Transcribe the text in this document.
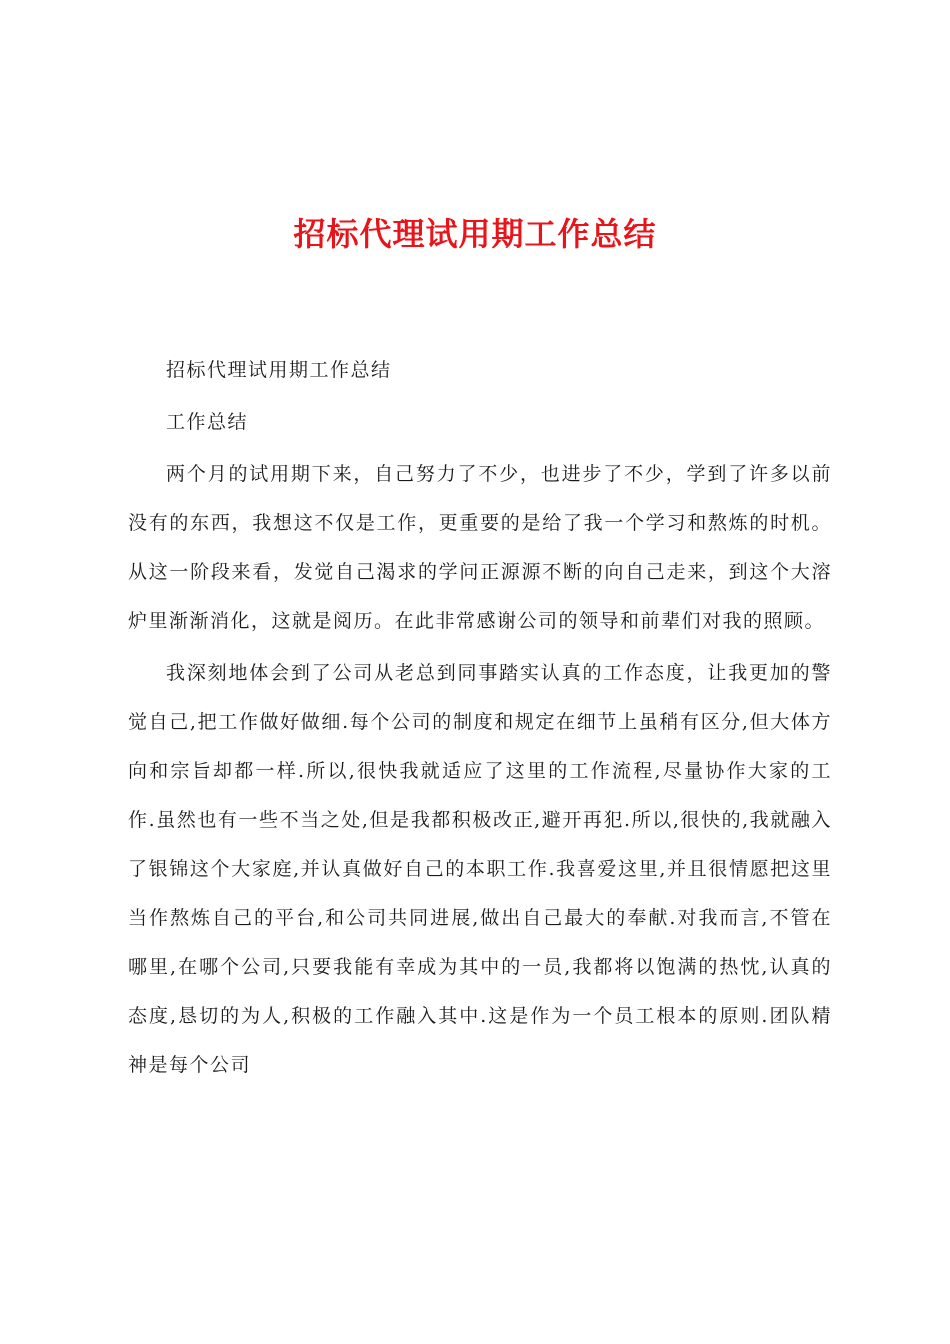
招标代理试用期工作总结

招标代理试用期工作总结

工作总结

两个月的试用期下来，自己努力了不少，也进步了不少，学到了许多以前没有的东西，我想这不仅是工作，更重要的是给了我一个学习和熬炼的时机。从这一阶段来看，发觉自己渴求的学问正源源不断的向自己走来，到这个大溶炉里渐渐消化，这就是阅历。在此非常感谢公司的领导和前辈们对我的照顾。

我深刻地体会到了公司从老总到同事踏实认真的工作态度，让我更加的警觉自己,把工作做好做细.每个公司的制度和规定在细节上虽稍有区分,但大体方向和宗旨却都一样.所以,很快我就适应了这里的工作流程,尽量协作大家的工作.虽然也有一些不当之处,但是我都积极改正,避开再犯.所以,很快的,我就融入了银锦这个大家庭,并认真做好自己的本职工作.我喜爱这里,并且很情愿把这里当作熬炼自己的平台,和公司共同进展,做出自己最大的奉献.对我而言,不管在哪里,在哪个公司,只要我能有幸成为其中的一员,我都将以饱满的热忱,认真的态度,恳切的为人,积极的工作融入其中.这是作为一个员工根本的原则.团队精神是每个公司
